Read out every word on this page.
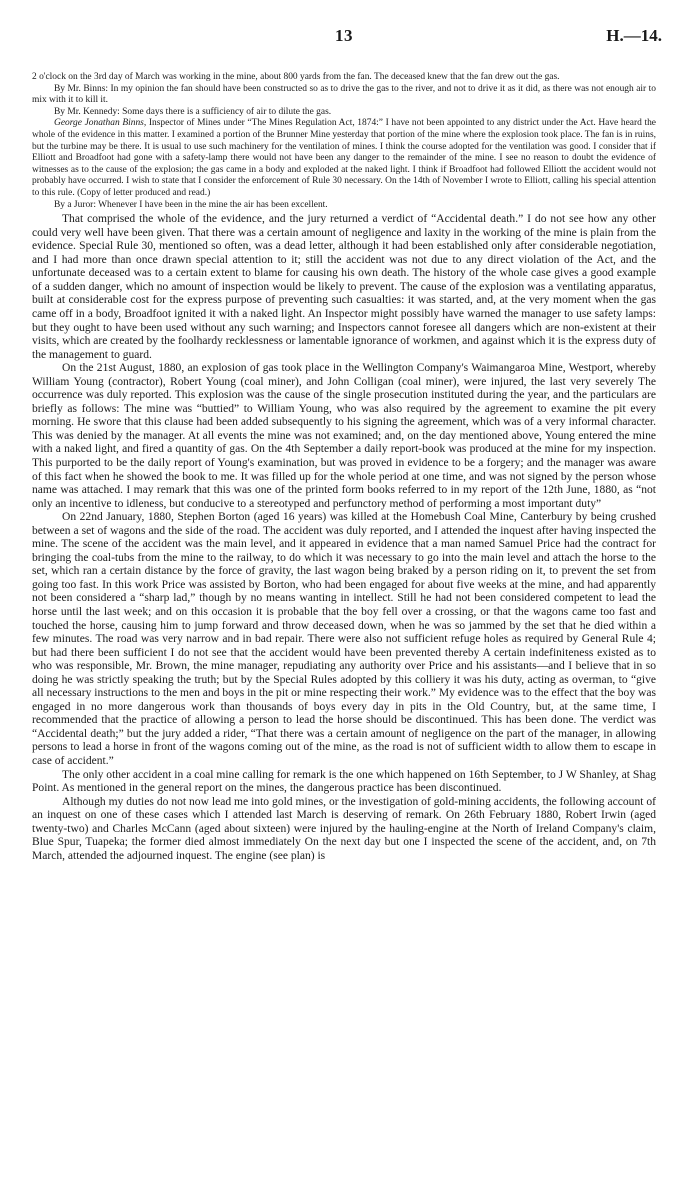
13	H.—14.

2 o'clock on the 3rd day of March was working in the mine, about 800 yards from the fan. The deceased knew that the fan drew out the gas.

By Mr. Binns: In my opinion the fan should have been constructed so as to drive the gas to the river, and not to drive it as it did, as there was not enough air to mix with it to kill it.

By Mr. Kennedy: Some days there is a sufficiency of air to dilute the gas.

George Jonathan Binns, Inspector of Mines under “The Mines Regulation Act, 1874:” I have not been appointed to any district under the Act. Have heard the whole of the evidence in this matter. I examined a portion of the Brunner Mine yesterday that portion of the mine where the explosion took place. The fan is in ruins, but the turbine may be there. It is usual to use such machinery for the ventilation of mines. I think the course adopted for the ventilation was good. I consider that if Elliott and Broadfoot had gone with a safety-lamp there would not have been any danger to the remainder of the mine. I see no reason to doubt the evidence of witnesses as to the cause of the explosion; the gas came in a body and exploded at the naked light. I think if Broadfoot had followed Elliott the accident would not probably have occurred. I wish to state that I consider the enforcement of Rule 30 necessary. On the 14th of November I wrote to Elliott, calling his special attention to this rule. (Copy of letter produced and read.)

By a Juror: Whenever I have been in the mine the air has been excellent.

That comprised the whole of the evidence, and the jury returned a verdict of “Accidental death.” I do not see how any other could very well have been given. That there was a certain amount of negligence and laxity in the working of the mine is plain from the evidence. Special Rule 30, mentioned so often, was a dead letter, although it had been established only after considerable negotiation, and I had more than once drawn special attention to it; still the accident was not due to any direct violation of the Act, and the unfortunate deceased was to a certain extent to blame for causing his own death. The history of the whole case gives a good example of a sudden danger, which no amount of inspection would be likely to prevent. The cause of the explosion was a ventilating apparatus, built at considerable cost for the express purpose of preventing such casualties: it was started, and, at the very moment when the gas came off in a body, Broadfoot ignited it with a naked light. An Inspector might possibly have warned the manager to use safety lamps: but they ought to have been used without any such warning; and Inspectors cannot foresee all dangers which are non-existent at their visits, which are created by the foolhardy recklessness or lamentable ignorance of workmen, and against which it is the express duty of the management to guard.

On the 21st August, 1880, an explosion of gas took place in the Wellington Company's Waimangaroa Mine, Westport, whereby William Young (contractor), Robert Young (coal miner), and John Colligan (coal miner), were injured, the last very severely The occurrence was duly reported. This explosion was the cause of the single prosecution instituted during the year, and the particulars are briefly as follows: The mine was “buttied” to William Young, who was also required by the agreement to examine the pit every morning. He swore that this clause had been added subsequently to his signing the agreement, which was of a very informal character. This was denied by the manager. At all events the mine was not examined; and, on the day mentioned above, Young entered the mine with a naked light, and fired a quantity of gas. On the 4th September a daily report-book was produced at the mine for my inspection. This purported to be the daily report of Young's examination, but was proved in evidence to be a forgery; and the manager was aware of this fact when he showed the book to me. It was filled up for the whole period at one time, and was not signed by the person whose name was attached. I may remark that this was one of the printed form books referred to in my report of the 12th June, 1880, as “not only an incentive to idleness, but conducive to a stereotyped and perfunctory method of performing a most important duty”

On 22nd January, 1880, Stephen Borton (aged 16 years) was killed at the Homebush Coal Mine, Canterbury by being crushed between a set of wagons and the side of the road. The accident was duly reported, and I attended the inquest after having inspected the mine. The scene of the accident was the main level, and it appeared in evidence that a man named Samuel Price had the contract for bringing the coal-tubs from the mine to the railway, to do which it was necessary to go into the main level and attach the horse to the set, which ran a certain distance by the force of gravity, the last wagon being braked by a person riding on it, to prevent the set from going too fast. In this work Price was assisted by Borton, who had been engaged for about five weeks at the mine, and had apparently not been considered a “sharp lad,” though by no means wanting in intellect. Still he had not been considered competent to lead the horse until the last week; and on this occasion it is probable that the boy fell over a crossing, or that the wagons came too fast and touched the horse, causing him to jump forward and throw deceased down, when he was so jammed by the set that he died within a few minutes. The road was very narrow and in bad repair. There were also not sufficient refuge holes as required by General Rule 4; but had there been sufficient I do not see that the accident would have been prevented thereby A certain indefiniteness existed as to who was responsible, Mr. Brown, the mine manager, repudiating any authority over Price and his assistants—and I believe that in so doing he was strictly speaking the truth; but by the Special Rules adopted by this colliery it was his duty, acting as overman, to “give all necessary instructions to the men and boys in the pit or mine respecting their work.” My evidence was to the effect that the boy was engaged in no more dangerous work than thousands of boys every day in pits in the Old Country, but, at the same time, I recommended that the practice of allowing a person to lead the horse should be discontinued. This has been done. The verdict was “Accidental death;” but the jury added a rider, “That there was a certain amount of negligence on the part of the manager, in allowing persons to lead a horse in front of the wagons coming out of the mine, as the road is not of sufficient width to allow them to escape in case of accident.”

The only other accident in a coal mine calling for remark is the one which happened on 16th September, to J W Shanley, at Shag Point. As mentioned in the general report on the mines, the dangerous practice has been discontinued.

Although my duties do not now lead me into gold mines, or the investigation of gold-mining accidents, the following account of an inquest on one of these cases which I attended last March is deserving of remark. On 26th February 1880, Robert Irwin (aged twenty-two) and Charles McCann (aged about sixteen) were injured by the hauling-engine at the North of Ireland Company's claim, Blue Spur, Tuapeka; the former died almost immediately On the next day but one I inspected the scene of the accident, and, on 7th March, attended the adjourned inquest. The engine (see plan) is
